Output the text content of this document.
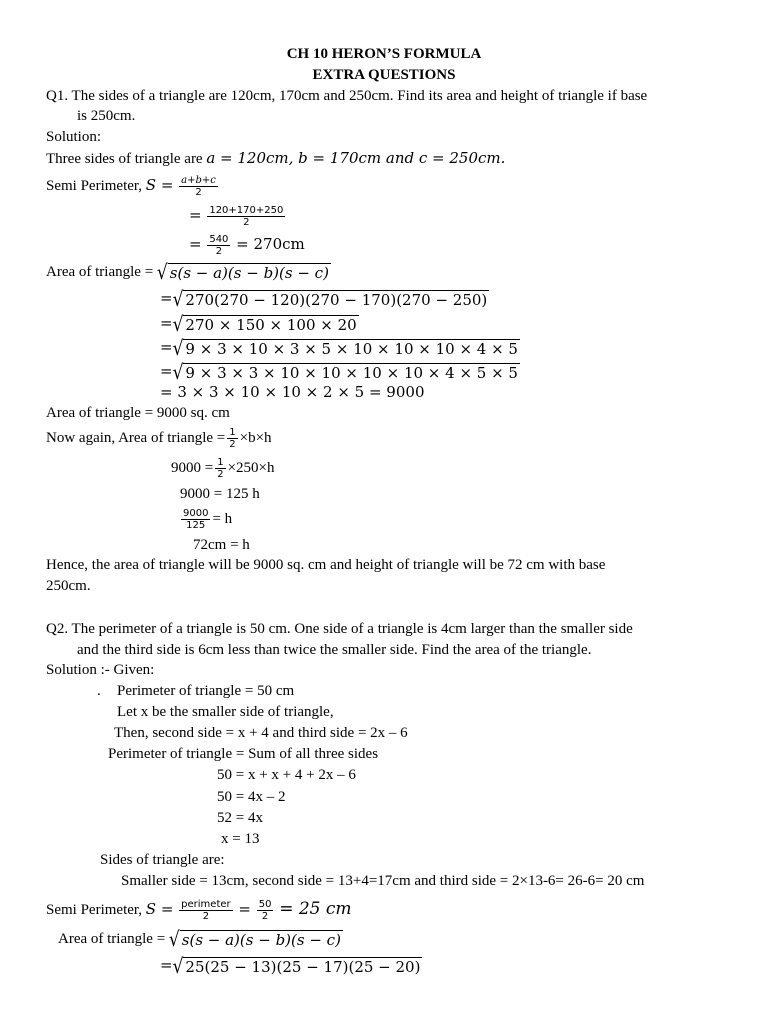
CH 10 HERON’S FORMULA
EXTRA QUESTIONS
Q1. The sides of a triangle are 120cm, 170cm and 250cm. Find its area and height of triangle if base
is 250cm.
Solution:
Three sides of triangle are a = 120cm, b = 170cm and c = 250cm.
Semi Perimeter, $S = \frac{a+b+c}{2}$
= $\frac{120+170+250}{2}$
= $\frac{540}{2} = 270cm$
Area of triangle = √ s(s − a)(s − b)(s − c)
=√ 270(270 − 120)(270 − 170)(270 − 250)
=√ 270 × 150 × 100 × 20
=√ 9 × 3 × 10 × 3 × 5 × 10 × 10 × 10 × 4 × 5
=√ 9 × 3 × 3 × 10 × 10 × 10 × 10 × 4 × 5 × 5
= 3 × 3 × 10 × 10 × 2 × 5 = 9000
Area of triangle = 9000 sq. cm
Now again, Area of triangle = $\frac{1}{2} \times b\times h$
$9000 = \frac{1}{2} \times 250\times h$
9000 = 125 h
$\frac{9000}{125} = h$
72cm = h
Hence, the area of triangle will be 9000 sq. cm and height of triangle will be 72 cm with base
250cm.
Q2. The perimeter of a triangle is 50 cm. One side of a triangle is 4cm larger than the smaller side
and the third side is 6cm less than twice the smaller side. Find the area of the triangle.
Solution :- Given:
. Perimeter of triangle = 50 cm
Let x be the smaller side of triangle,
Then, second side = x + 4 and third side = 2x – 6
Perimeter of triangle = Sum of all three sides
50 = x + x + 4 + 2x – 6
50 = 4x – 2
52 = 4x
x = 13
Sides of triangle are:
Smaller side = 13cm, second side = 13+4=17cm and third side = 2×13-6= 26-6= 20 cm
Semi Perimeter, $S = \frac{\text{perimeter}}{2} = \frac{50}{2} = 25$ cm
Area of triangle = √ s(s − a)(s − b)(s − c)
=√ 25(25 − 13)(25 − 17)(25 − 20)
